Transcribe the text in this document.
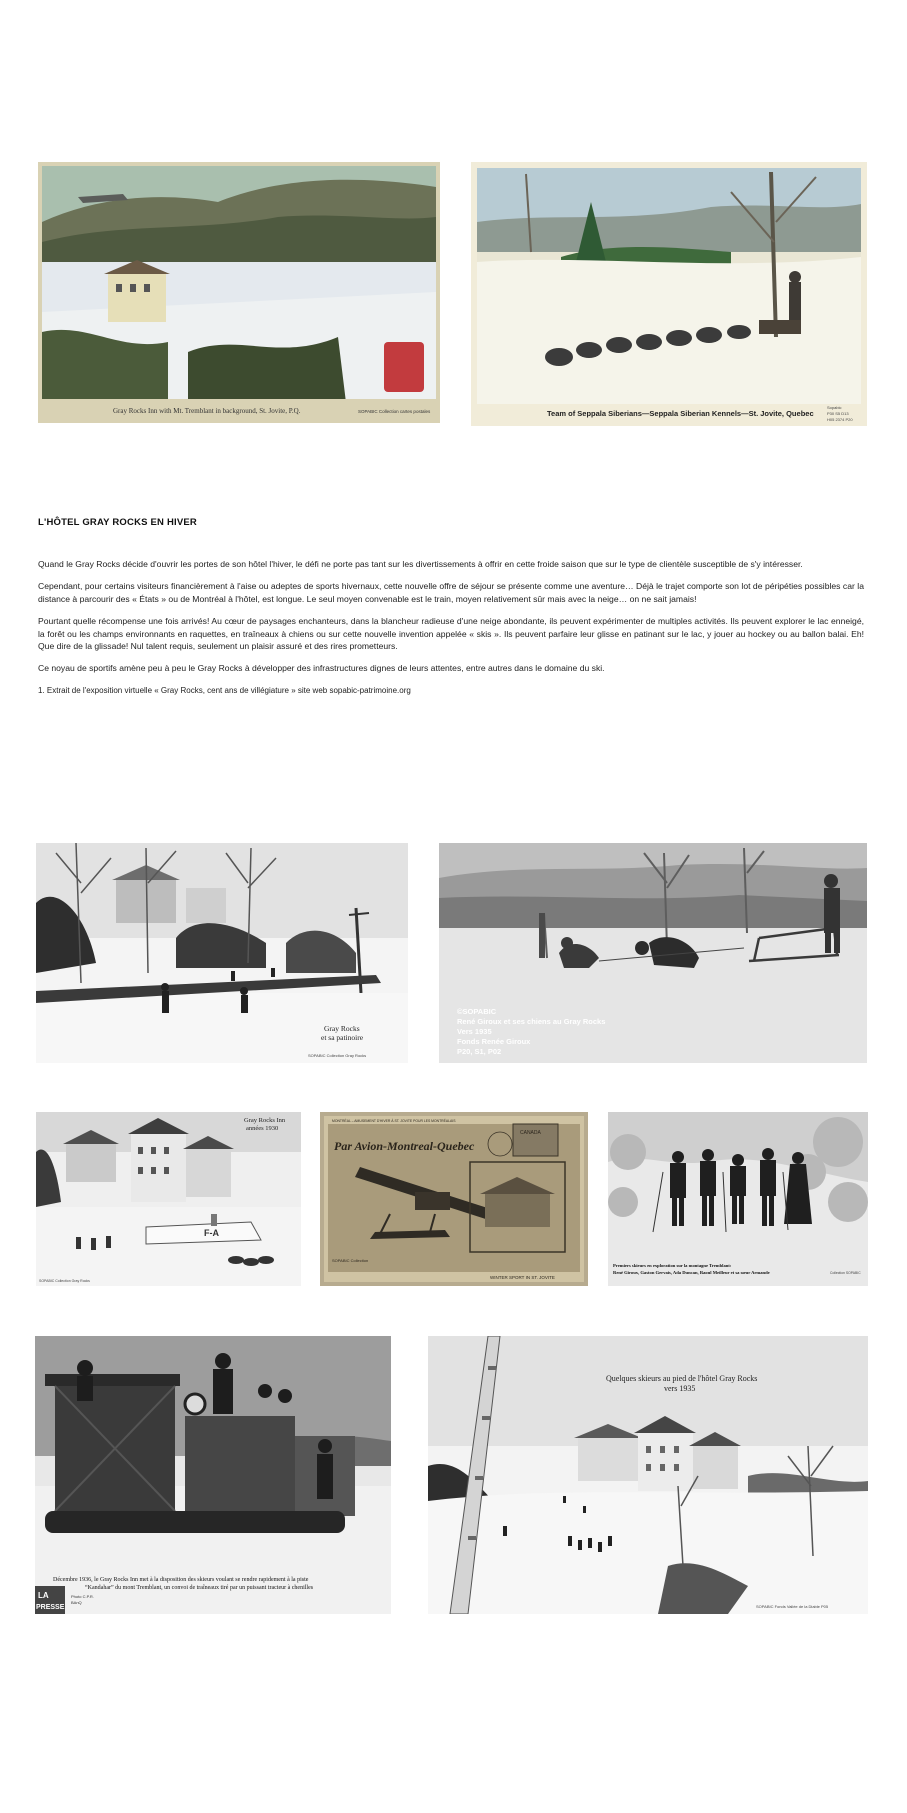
Gray Rocks Inn with Mt. Tremblant in background, St. Jovite, P.Q.	SOPABIC Collection cartes postales	Team of Seppala Siberians—Seppala Siberian Kennels—St. Jovite, Quebec
Sopabic
P30 S5 D13
H05 2374 P20
L'HÔTEL GRAY ROCKS EN HIVER

Quand le Gray Rocks décide d'ouvrir les portes de son hôtel l'hiver, le défi ne porte pas tant sur les divertissements à offrir en cette froide saison que sur le type de clientèle susceptible de s'y intéresser.

Cependant, pour certains visiteurs financièrement à l'aise ou adeptes de sports hivernaux, cette nouvelle offre de séjour se présente comme une aventure… Déjà le trajet comporte son lot de péripéties possibles car la distance à parcourir des « États » ou de Montréal à l'hôtel, est longue. Le seul moyen convenable est le train, moyen relativement sûr mais avec la neige… on ne sait jamais!

Pourtant quelle récompense une fois arrivés! Au cœur de paysages enchanteurs, dans la blancheur radieuse d'une neige abondante, ils peuvent expérimenter de multiples activités. Ils peuvent explorer le lac enneigé, la forêt ou les champs environnants en raquettes, en traîneaux à chiens ou sur cette nouvelle invention appelée « skis ». Ils peuvent parfaire leur glisse en patinant sur le lac, y jouer au hockey ou au ballon balai. Eh! Que dire de la glissade! Nul talent requis, seulement un plaisir assuré et des rires prometteurs.

Ce noyau de sportifs amène peu à peu le Gray Rocks à développer des infrastructures dignes de leurs attentes, entre autres dans le domaine du ski.

1. Extrait de l'exposition virtuelle « Gray Rocks, cent ans de villégiature » site web sopabic-patrimoine.org

Gray Rocks
et sa patinoire
SOPABIC Collection Gray Rocks
©SOPABIC
René Giroux et ses chiens au Gray Rocks
Vers 1935
Fonds Renée Giroux
P20, S1, P02
F-A
Gray Rocks Inn
années 1930
SOPABIC Collection Gray Rocks
CANADA
MONTRÉAL – AMUSEMENT D'HIVER À ST. JOVITE POUR LES MONTRÉALAIS
Par Avion-Montreal-Quebec
SOPABIC Collection
WINTER SPORT IN ST. JOVITE
Premiers skieurs en exploration sur la montagne Tremblant:
René Giroux, Gaston Gervais, Ada Duncan, Raoul Meilleur et sa sœur Armande	Collection SOPABIC
LA
PRESSE
Photo C.P.R.
BAnQ
Décembre 1936, le Gray Rocks Inn met à la disposition des skieurs voulant se rendre rapidement à la piste
“Kandahar” du mont Tremblant, un convoi de traîneaux tiré par un puissant tracteur à chenilles
Quelques skieurs au pied de l'hôtel Gray Rocks
vers 1935
SOPABIC Fonds Vallée de la Diable P05
